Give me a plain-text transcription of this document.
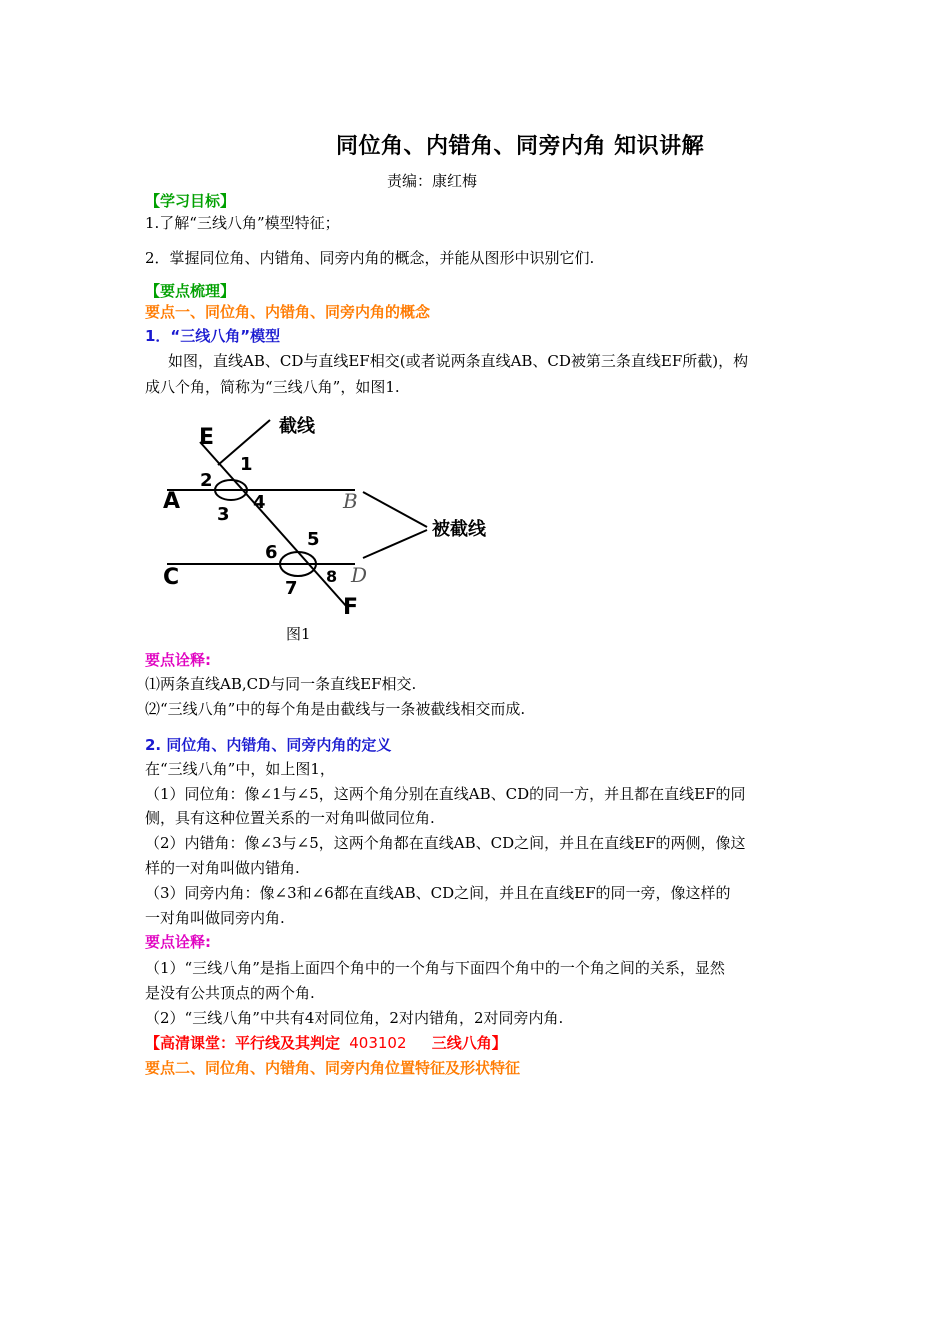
同位角、内错角、同旁内角 知识讲解
责编：康红梅
【学习目标】
1.了解“三线八角”模型特征；
2．掌握同位角、内错角、同旁内角的概念，并能从图形中识别它们.
【要点梳理】
要点一、同位角、内错角、同旁内角的概念
1．“三线八角”模型
如图，直线AB、CD与直线EF相交(或者说两条直线AB、CD被第三条直线EF所截)，构
成八个角，简称为“三线八角”，如图1.
E
A	B
C	D
F
1
2
3
4
5
6
7
8
截线
被截线
图1
要点诠释:
⑴两条直线AB,CD与同一条直线EF相交.
⑵“三线八角”中的每个角是由截线与一条被截线相交而成.
2. 同位角、内错角、同旁内角的定义
在“三线八角”中，如上图1，
（1）同位角：像∠1与∠5，这两个角分别在直线AB、CD的同一方，并且都在直线EF的同
侧，具有这种位置关系的一对角叫做同位角.
（2）内错角：像∠3与∠5，这两个角都在直线AB、CD之间，并且在直线EF的两侧，像这
样的一对角叫做内错角.
（3）同旁内角：像∠3和∠6都在直线AB、CD之间，并且在直线EF的同一旁，像这样的
一对角叫做同旁内角.
要点诠释:
（1）“三线八角”是指上面四个角中的一个角与下面四个角中的一个角之间的关系，显然
是没有公共顶点的两个角.
（2）“三线八角”中共有4对同位角，2对内错角，2对同旁内角.
【高清课堂：平行线及其判定 403102 三线八角】
要点二、同位角、内错角、同旁内角位置特征及形状特征
